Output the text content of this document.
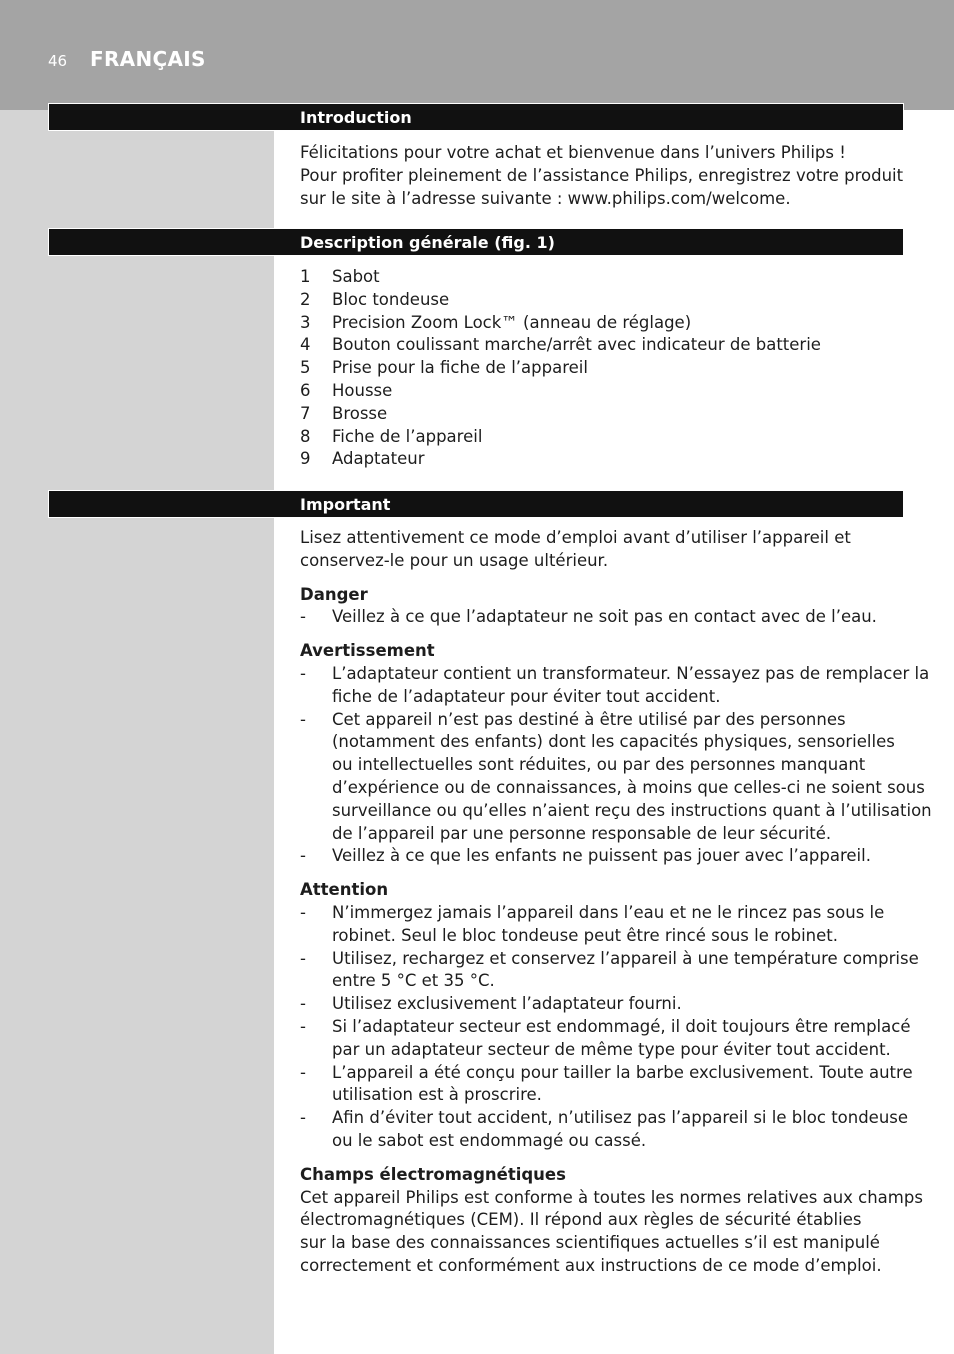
46 FRANÇAIS
Introduction
Félicitations pour votre achat et bienvenue dans l’univers Philips !
Pour profiter pleinement de l’assistance Philips, enregistrez votre produit
sur le site à l’adresse suivante : www.philips.com/welcome.
Description générale (fig. 1)
1 Sabot
2 Bloc tondeuse
3 Precision Zoom Lock™ (anneau de réglage)
4 Bouton coulissant marche/arrêt avec indicateur de batterie
5 Prise pour la fiche de l’appareil
6 Housse
7 Brosse
8 Fiche de l’appareil
9 Adaptateur
Important
Lisez attentivement ce mode d’emploi avant d’utiliser l’appareil et
conservez-le pour un usage ultérieur.
Danger
- Veillez à ce que l’adaptateur ne soit pas en contact avec de l’eau.
Avertissement
- L’adaptateur contient un transformateur. N’essayez pas de remplacer la
fiche de l’adaptateur pour éviter tout accident.
- Cet appareil n’est pas destiné à être utilisé par des personnes
(notamment des enfants) dont les capacités physiques, sensorielles
ou intellectuelles sont réduites, ou par des personnes manquant
d’expérience ou de connaissances, à moins que celles-ci ne soient sous
surveillance ou qu’elles n’aient reçu des instructions quant à l’utilisation
de l’appareil par une personne responsable de leur sécurité.
- Veillez à ce que les enfants ne puissent pas jouer avec l’appareil.
Attention
- N’immergez jamais l’appareil dans l’eau et ne le rincez pas sous le
robinet. Seul le bloc tondeuse peut être rincé sous le robinet.
- Utilisez, rechargez et conservez l’appareil à une température comprise
entre 5 °C et 35 °C.
- Utilisez exclusivement l’adaptateur fourni.
- Si l’adaptateur secteur est endommagé, il doit toujours être remplacé
par un adaptateur secteur de même type pour éviter tout accident.
- L’appareil a été conçu pour tailler la barbe exclusivement. Toute autre
utilisation est à proscrire.
- Afin d’éviter tout accident, n’utilisez pas l’appareil si le bloc tondeuse
ou le sabot est endommagé ou cassé.
Champs électromagnétiques
Cet appareil Philips est conforme à toutes les normes relatives aux champs
électromagnétiques (CEM). Il répond aux règles de sécurité établies
sur la base des connaissances scientifiques actuelles s’il est manipulé
correctement et conformément aux instructions de ce mode d’emploi.
